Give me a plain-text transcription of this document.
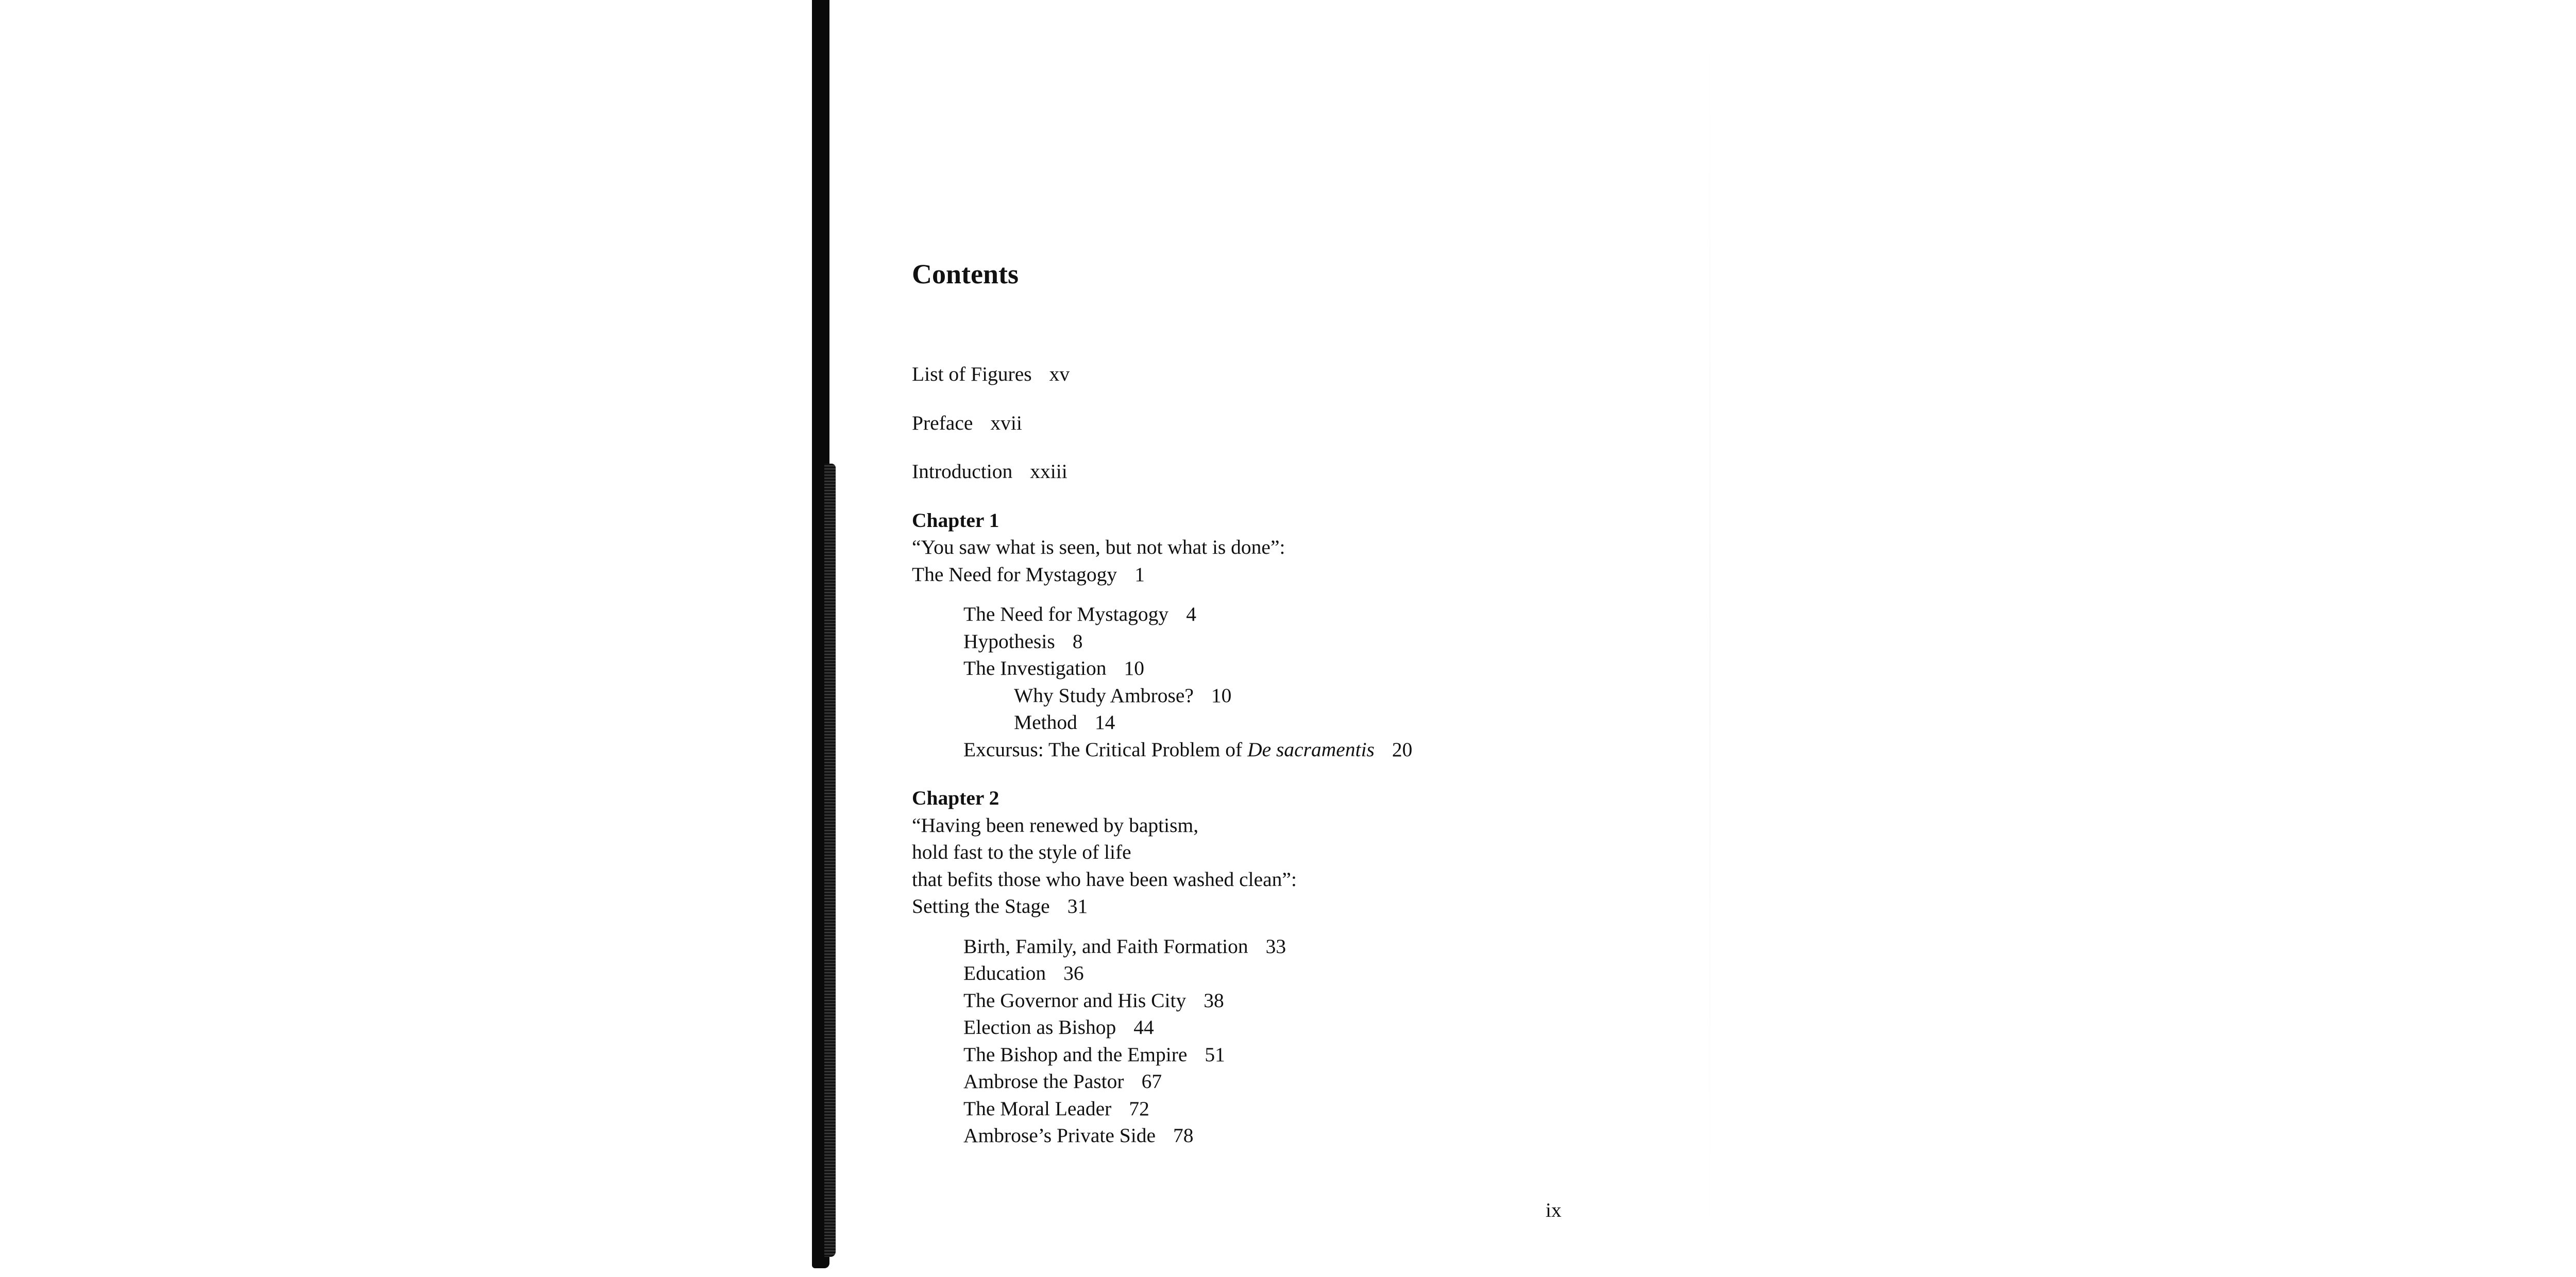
Contents
List of Figures xv
Preface xvii
Introduction xxiii
Chapter 1
“You saw what is seen, but not what is done”:
The Need for Mystagogy 1
The Need for Mystagogy 4
Hypothesis 8
The Investigation 10
Why Study Ambrose? 10
Method 14
Excursus: The Critical Problem of De sacramentis 20
Chapter 2
“Having been renewed by baptism,
hold fast to the style of life
that befits those who have been washed clean”:
Setting the Stage 31
Birth, Family, and Faith Formation 33
Education 36
The Governor and His City 38
Election as Bishop 44
The Bishop and the Empire 51
Ambrose the Pastor 67
The Moral Leader 72
Ambrose’s Private Side 78
ix
